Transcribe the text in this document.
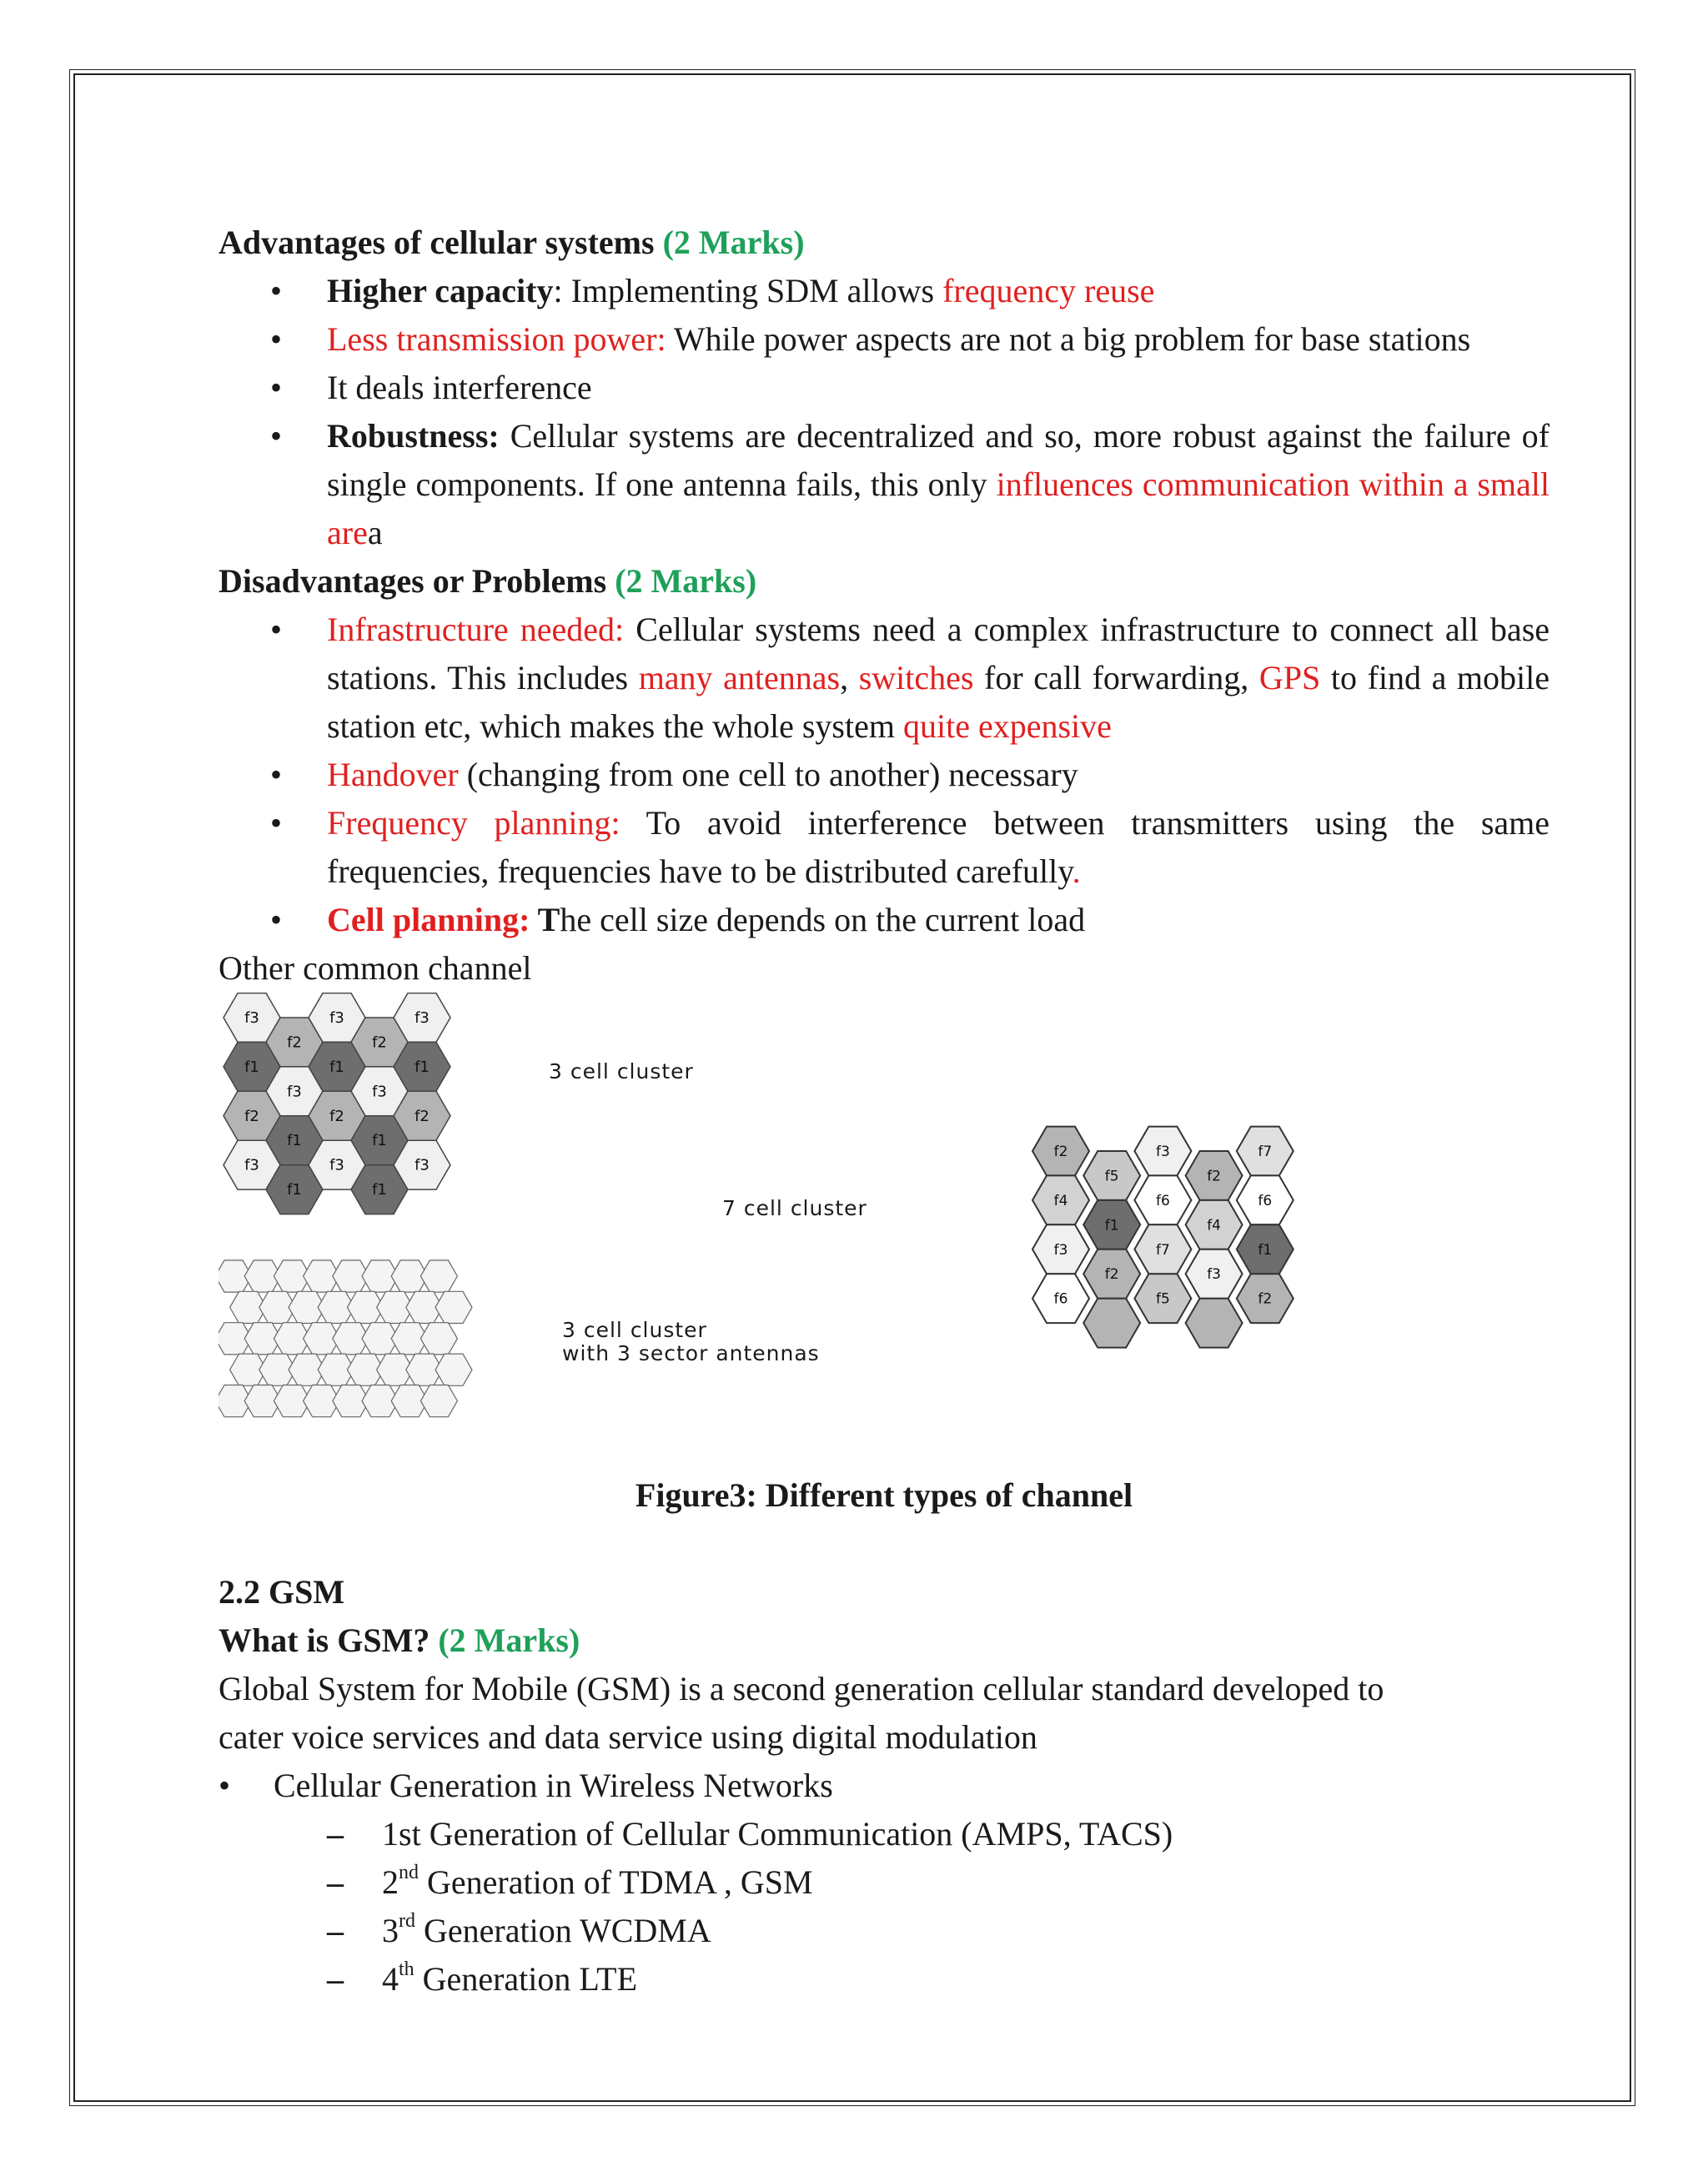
Advantages of cellular systems (2 Marks)

• Higher capacity: Implementing SDM allows frequency reuse
• Less transmission power: While power aspects are not a big problem for base stations
• It deals interference
• Robustness: Cellular systems are decentralized and so, more robust against the failure of single components. If one antenna fails, this only influences communication within a small area

Disadvantages or Problems (2 Marks)

• Infrastructure needed: Cellular systems need a complex infrastructure to connect all base stations. This includes many antennas, switches for call forwarding, GPS to find a mobile station etc, which makes the whole system quite expensive
• Handover (changing from one cell to another) necessary
• Frequency planning: To avoid interference between transmitters using the same frequencies, frequencies have to be distributed carefully.
• Cell planning: The cell size depends on the current load

Other common channel

f3
f2
f3
f2
f3
f1
f3
f1
f3
f1
f2
f1
f2
f1
f2
f3
f1
f3
f1
f3
f2
f5
f3
f2
f7
f4
f1
f6
f4
f6
f3
f2
f7
f3
f1
f6	f5	f2
3 cell cluster
7 cell cluster
3 cell cluster
with 3 sector antennas

Figure3: Different types of channel

2.2 GSM

What is GSM? (2 Marks)

Global System for Mobile (GSM) is a second generation cellular standard developed to

cater voice services and data service using digital modulation

• Cellular Generation in Wireless Networks
– 1st Generation of Cellular Communication (AMPS, TACS)
– 2nd Generation of TDMA , GSM
– 3rd Generation WCDMA
– 4th Generation LTE
